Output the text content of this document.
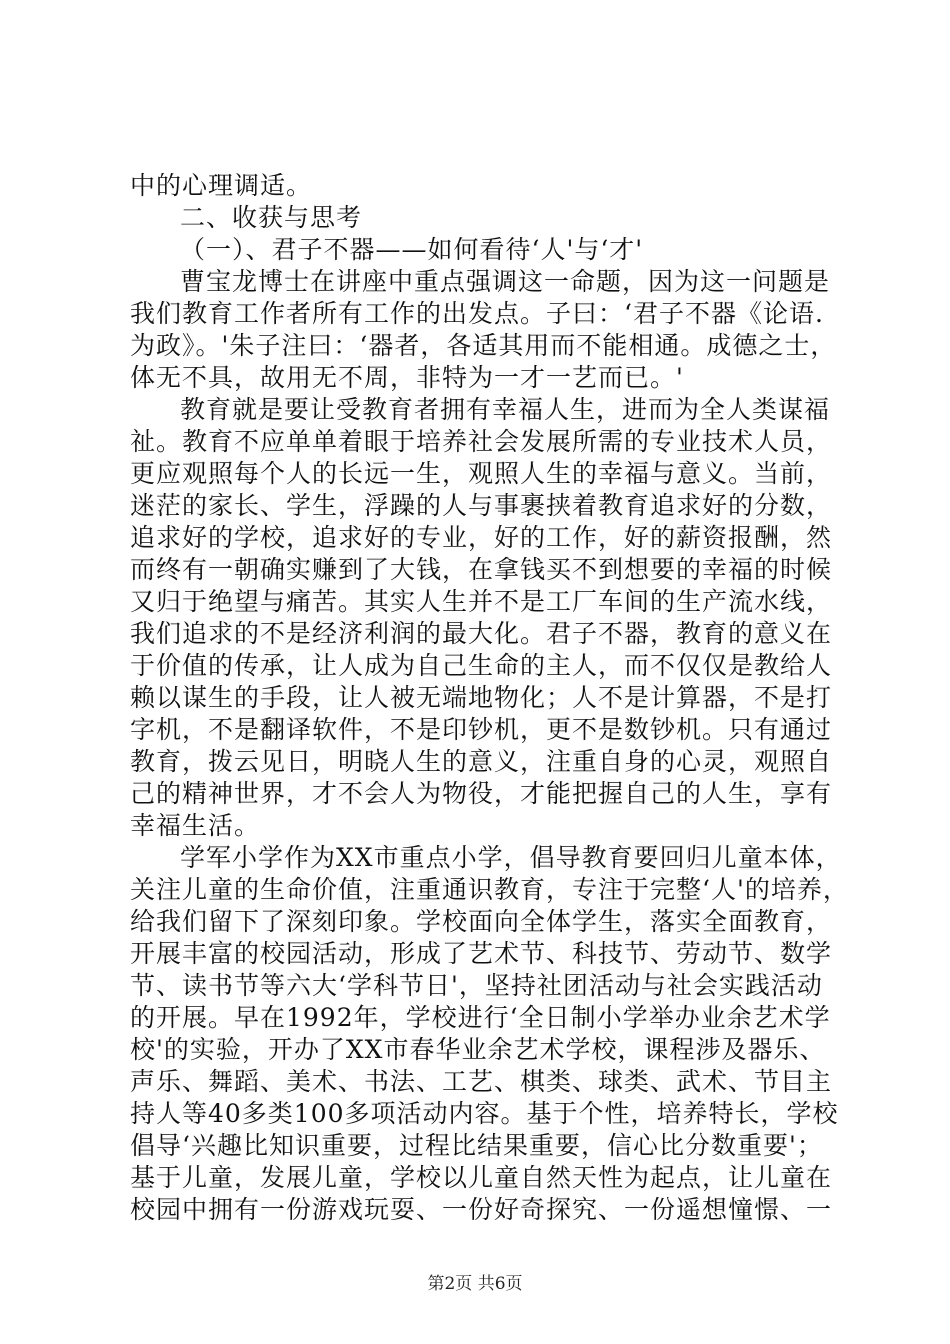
中的心理调适。
二、收获与思考
（一）、君子不器——如何看待‘人'与‘才'
曹宝龙博士在讲座中重点强调这一命题，因为这一问题是
我们教育工作者所有工作的出发点。子曰：‘君子不器《论语.
为政》。'朱子注曰：‘器者，各适其用而不能相通。成德之士，
体无不具，故用无不周，非特为一才一艺而已。'
教育就是要让受教育者拥有幸福人生，进而为全人类谋福
祉。教育不应单单着眼于培养社会发展所需的专业技术人员，
更应观照每个人的长远一生，观照人生的幸福与意义。当前，
迷茫的家长、学生，浮躁的人与事裹挟着教育追求好的分数，
追求好的学校，追求好的专业，好的工作，好的薪资报酬，然
而终有一朝确实赚到了大钱，在拿钱买不到想要的幸福的时候
又归于绝望与痛苦。其实人生并不是工厂车间的生产流水线，
我们追求的不是经济利润的最大化。君子不器，教育的意义在
于价值的传承，让人成为自己生命的主人，而不仅仅是教给人
赖以谋生的手段，让人被无端地物化；人不是计算器，不是打
字机，不是翻译软件，不是印钞机，更不是数钞机。只有通过
教育，拨云见日，明晓人生的意义，注重自身的心灵，观照自
己的精神世界，才不会人为物役，才能把握自己的人生，享有
幸福生活。
学军小学作为XX市重点小学，倡导教育要回归儿童本体，
关注儿童的生命价值，注重通识教育，专注于完整‘人'的培养，
给我们留下了深刻印象。学校面向全体学生，落实全面教育，
开展丰富的校园活动，形成了艺术节、科技节、劳动节、数学
节、读书节等六大‘学科节日'，坚持社团活动与社会实践活动
的开展。早在1992年，学校进行‘全日制小学举办业余艺术学
校'的实验，开办了XX市春华业余艺术学校，课程涉及器乐、
声乐、舞蹈、美术、书法、工艺、棋类、球类、武术、节目主
持人等40多类100多项活动内容。基于个性，培养特长，学校
倡导‘兴趣比知识重要，过程比结果重要，信心比分数重要'；
基于儿童，发展儿童，学校以儿童自然天性为起点，让儿童在
校园中拥有一份游戏玩耍、一份好奇探究、一份遥想憧憬、一
第2页 共6页
